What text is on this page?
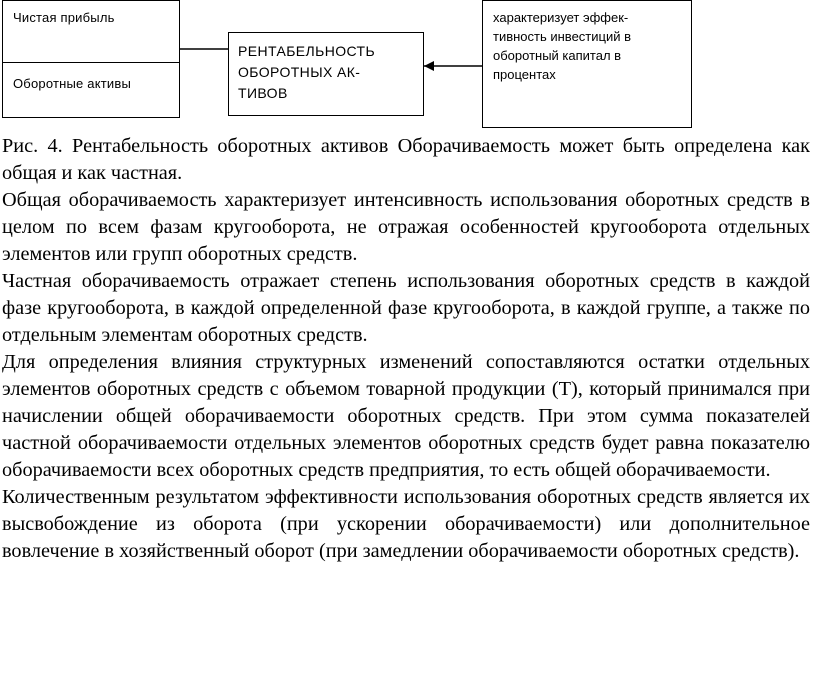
Чистая прибыль
Оборотные активы
РЕНТАБЕЛЬНОСТЬ
ОБОРОТНЫХ АК-
ТИВОВ
характеризует эффек-
тивность инвестиций в
оборотный капитал в
процентах

Рис. 4. Рентабельность оборотных активов Оборачиваемость может быть определена как общая и как частная.

Общая оборачиваемость характеризует интенсивность использования оборотных средств в целом по всем фазам кругооборота, не отражая особенностей кругооборота отдельных элементов или групп оборотных средств.

Частная оборачиваемость отражает степень использования оборотных средств в каждой фазе кругооборота, в каждой определенной фазе кругооборота, в каждой группе, а также по отдельным элементам оборотных средств.

Для определения влияния структурных изменений сопоставляются остатки отдельных элементов оборотных средств с объемом товарной продукции (Т), который принимался при начислении общей оборачиваемости оборотных средств. При этом сумма показателей частной оборачиваемости отдельных элементов оборотных средств будет равна показателю оборачиваемости всех оборотных средств предприятия, то есть общей оборачиваемости.

Количественным результатом эффективности использования оборотных средств является их высвобождение из оборота (при ускорении оборачиваемости) или дополнительное вовлечение в хозяйственный оборот (при замедлении оборачиваемости оборотных средств).
